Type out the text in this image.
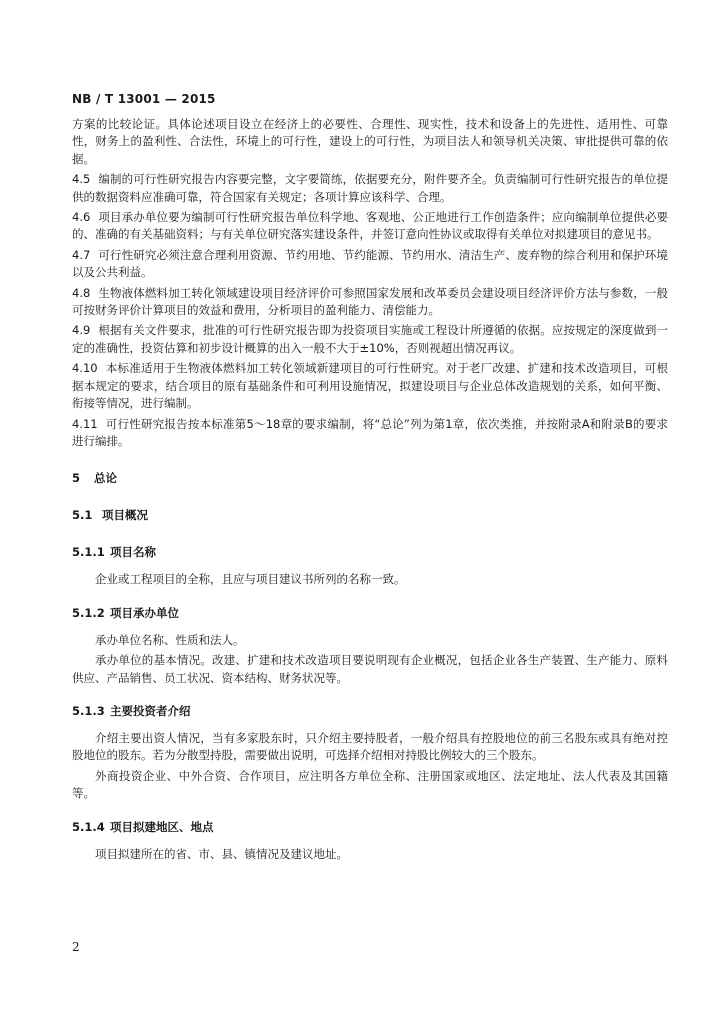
NB / T 13001 — 2015

方案的比较论证。具体论述项目设立在经济上的必要性、合理性、现实性，技术和设备上的先进性、适用性、可靠性，财务上的盈利性、合法性，环境上的可行性，建设上的可行性，为项目法人和领导机关决策、审批提供可靠的依据。

4.5 编制的可行性研究报告内容要完整，文字要简练，依据要充分，附件要齐全。负责编制可行性研究报告的单位提供的数据资料应准确可靠，符合国家有关规定；各项计算应该科学、合理。

4.6 项目承办单位要为编制可行性研究报告单位科学地、客观地、公正地进行工作创造条件；应向编制单位提供必要的、准确的有关基础资料；与有关单位研究落实建设条件，并签订意向性协议或取得有关单位对拟建项目的意见书。

4.7 可行性研究必须注意合理利用资源、节约用地、节约能源、节约用水、清洁生产、废弃物的综合利用和保护环境以及公共利益。

4.8 生物液体燃料加工转化领域建设项目经济评价可参照国家发展和改革委员会建设项目经济评价方法与参数，一般可按财务评价计算项目的效益和费用，分析项目的盈利能力、清偿能力。

4.9 根据有关文件要求，批准的可行性研究报告即为投资项目实施或工程设计所遵循的依据。应按规定的深度做到一定的准确性，投资估算和初步设计概算的出入一般不大于±10%，否则视超出情况再议。

4.10 本标准适用于生物液体燃料加工转化领域新建项目的可行性研究。对于老厂改建、扩建和技术改造项目，可根据本规定的要求，结合项目的原有基础条件和可利用设施情况，拟建设项目与企业总体改造规划的关系，如何平衡、衔接等情况，进行编制。

4.11 可行性研究报告按本标准第5～18章的要求编制，将“总论”列为第1章，依次类推，并按附录A和附录B的要求进行编排。

5 总论

5.1 项目概况

5.1.1 项目名称

企业或工程项目的全称，且应与项目建议书所列的名称一致。

5.1.2 项目承办单位

承办单位名称、性质和法人。

承办单位的基本情况。改建、扩建和技术改造项目要说明现有企业概况，包括企业各生产装置、生产能力、原料供应、产品销售、员工状况、资本结构、财务状况等。

5.1.3 主要投资者介绍

介绍主要出资人情况，当有多家股东时，只介绍主要持股者，一般介绍具有控股地位的前三名股东或具有绝对控股地位的股东。若为分散型持股，需要做出说明，可选择介绍相对持股比例较大的三个股东。

外商投资企业、中外合资、合作项目，应注明各方单位全称、注册国家或地区、法定地址、法人代表及其国籍等。

5.1.4 项目拟建地区、地点

项目拟建所在的省、市、县、镇情况及建议地址。

2
